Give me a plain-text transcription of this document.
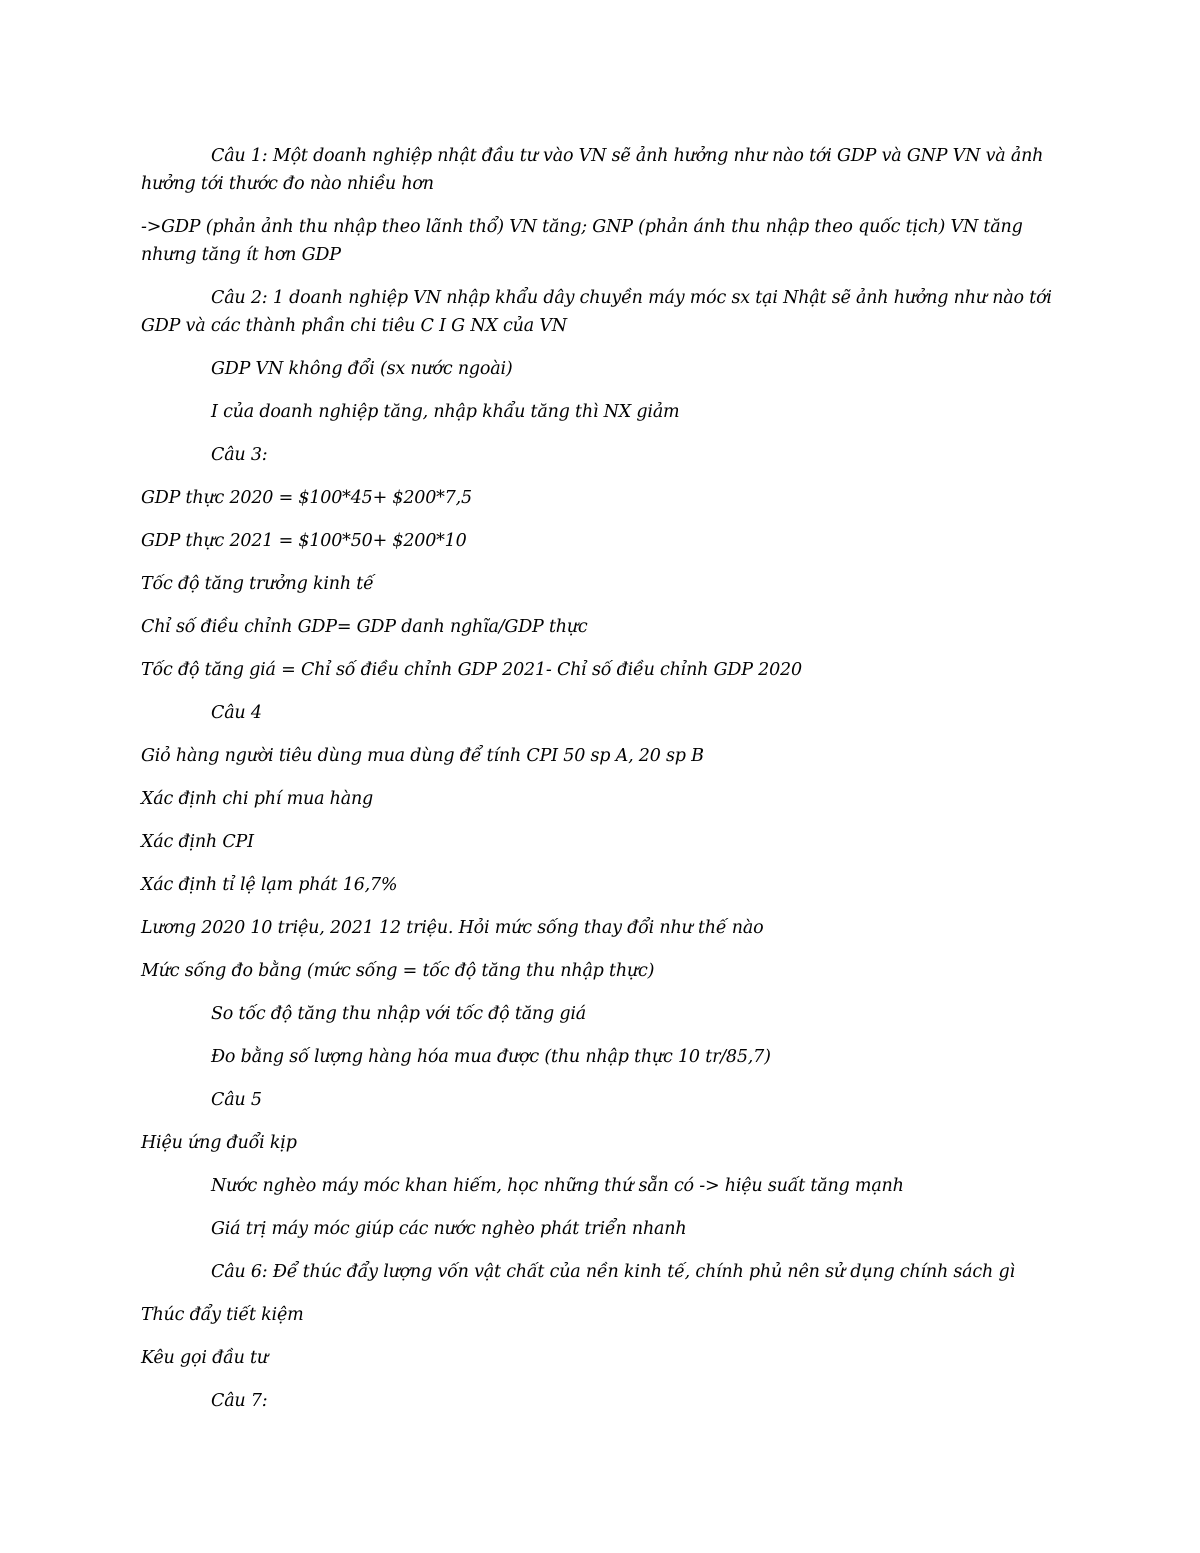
Câu 1: Một doanh nghiệp nhật đầu tư vào VN sẽ ảnh hưởng như nào tới GDP và GNP VN và ảnh hưởng tới thước đo nào nhiều hơn

->GDP (phản ảnh thu nhập theo lãnh thổ) VN tăng; GNP (phản ánh thu nhập theo quốc tịch) VN tăng nhưng tăng ít hơn GDP

Câu 2: 1 doanh nghiệp VN nhập khẩu dây chuyền máy móc sx tại Nhật sẽ ảnh hưởng như nào tới GDP và các thành phần chi tiêu C I G NX của VN

GDP VN không đổi (sx nước ngoài)

I của doanh nghiệp tăng, nhập khẩu tăng thì NX giảm

Câu 3:

GDP thực 2020 = $100*45+ $200*7,5

GDP thực 2021 = $100*50+ $200*10

Tốc độ tăng trưởng kinh tế

Chỉ số điều chỉnh GDP= GDP danh nghĩa/GDP thực

Tốc độ tăng giá = Chỉ số điều chỉnh GDP 2021- Chỉ số điều chỉnh GDP 2020

Câu 4

Giỏ hàng người tiêu dùng mua dùng để tính CPI 50 sp A, 20 sp B

Xác định chi phí mua hàng

Xác định CPI

Xác định tỉ lệ lạm phát 16,7%

Lương 2020 10 triệu, 2021 12 triệu. Hỏi mức sống thay đổi như thế nào

Mức sống đo bằng (mức sống = tốc độ tăng thu nhập thực)

So tốc độ tăng thu nhập với tốc độ tăng giá

Đo bằng số lượng hàng hóa mua được (thu nhập thực 10 tr/85,7)

Câu 5

Hiệu ứng đuổi kịp

Nước nghèo máy móc khan hiếm, học những thứ sẵn có -> hiệu suất tăng mạnh

Giá trị máy móc giúp các nước nghèo phát triển nhanh

Câu 6: Để thúc đẩy lượng vốn vật chất của nền kinh tế, chính phủ nên sử dụng chính sách gì

Thúc đẩy tiết kiệm

Kêu gọi đầu tư

Câu 7:
